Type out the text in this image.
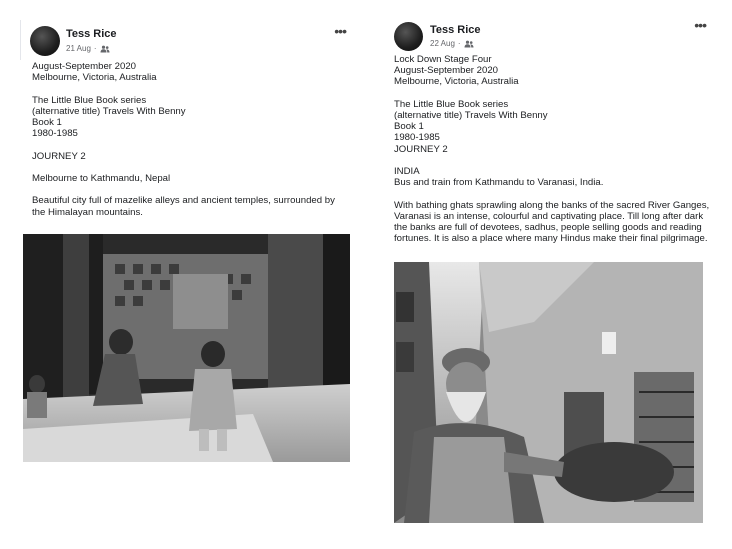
Tess Rice
21 Aug ·
•••
August-September 2020
Melbourne, Victoria, Australia

The Little Blue Book series
(alternative title) Travels With Benny
Book 1
1980-1985

JOURNEY 2

Melbourne to Kathmandu, Nepal

Beautiful city full of mazelike alleys and ancient temples, surrounded by the Himalayan mountains.
Tess Rice
22 Aug ·
•••
Lock Down Stage Four
August-September 2020
Melbourne, Victoria, Australia

The Little Blue Book series
(alternative title) Travels With Benny
Book 1
1980-1985
JOURNEY 2

INDIA
Bus and train from Kathmandu to Varanasi, India.

With bathing ghats sprawling along the banks of the sacred River Ganges, Varanasi is an intense, colourful and captivating place. Till long after dark the banks are full of devotees, sadhus, people selling goods and reading fortunes. It is also a place where many Hindus make their final pilgrimage.
